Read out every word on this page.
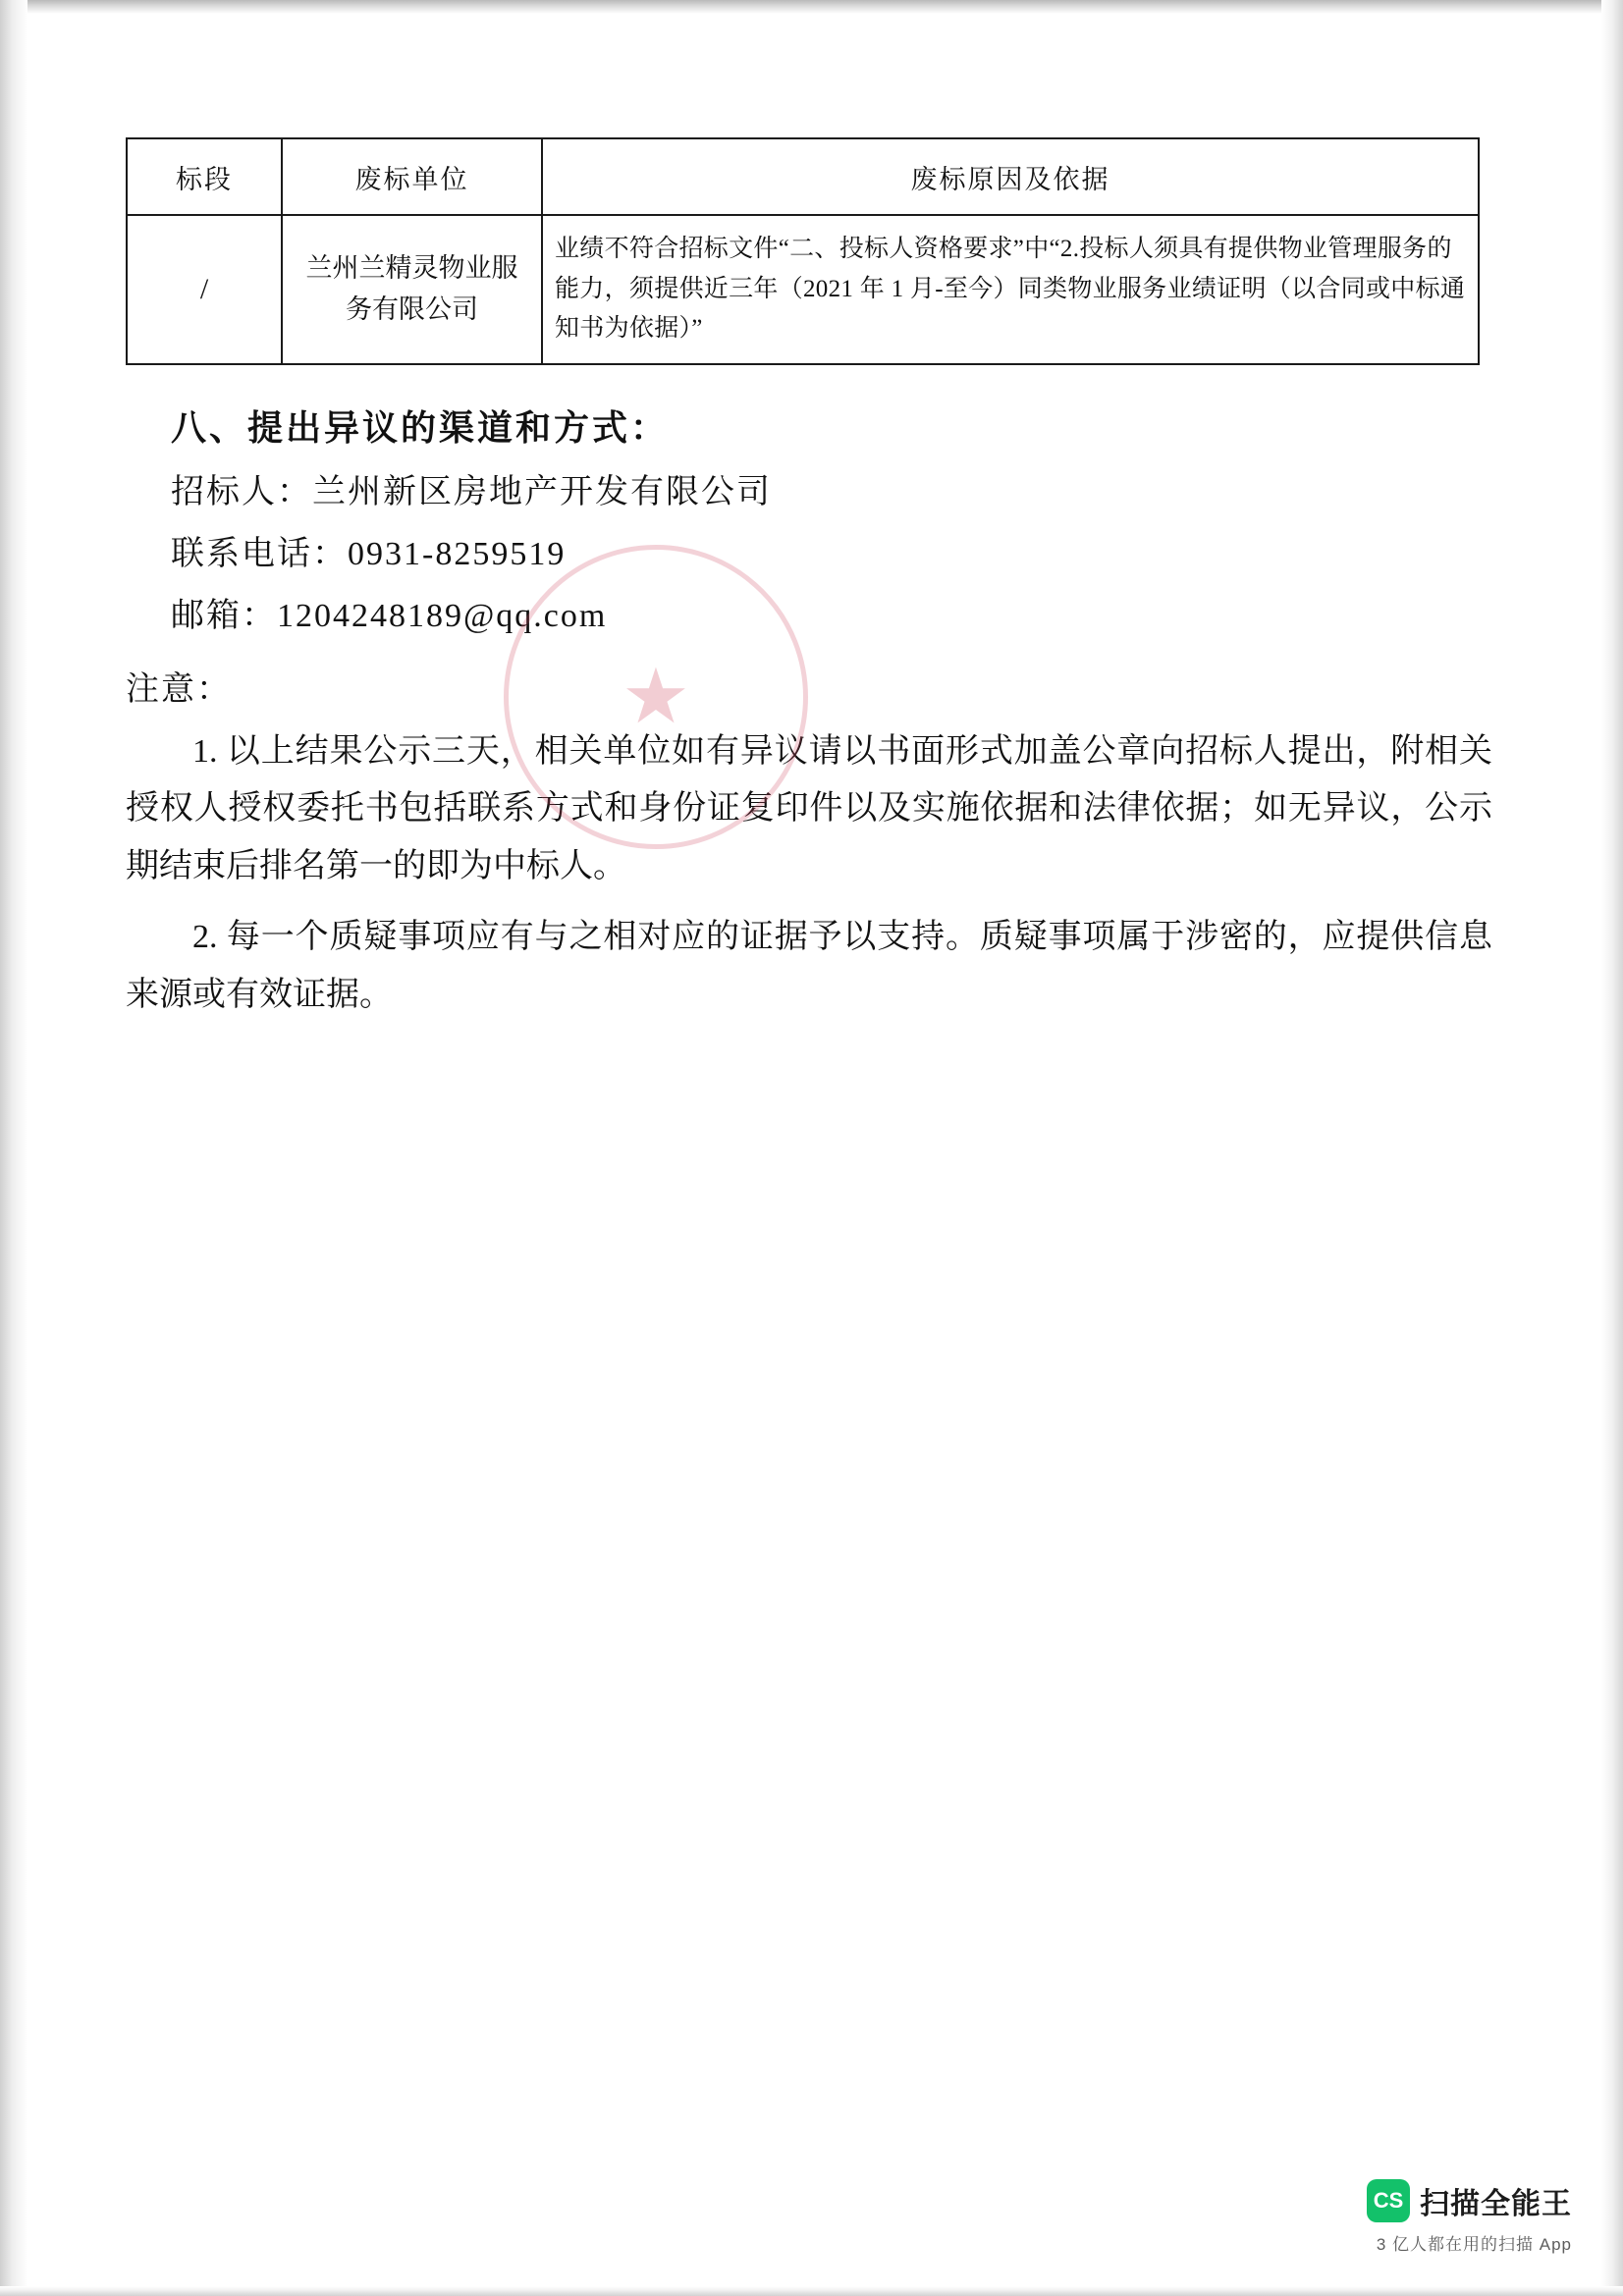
标段	废标单位	废标原因及依据
/	兰州兰精灵物业服务有限公司	业绩不符合招标文件“二、投标人资格要求”中“2.投标人须具有提供物业管理服务的能力，须提供近三年（2021 年 1 月-至今）同类物业服务业绩证明（以合同或中标通知书为依据）”
八、提出异议的渠道和方式：
招标人：兰州新区房地产开发有限公司
联系电话：0931-8259519
邮箱：1204248189@qq.com
注意：
1. 以上结果公示三天，相关单位如有异议请以书面形式加盖公章向招标人提出，附相关授权人授权委托书包括联系方式和身份证复印件以及实施依据和法律依据；如无异议，公示期结束后排名第一的即为中标人。
2. 每一个质疑事项应有与之相对应的证据予以支持。质疑事项属于涉密的，应提供信息来源或有效证据。
★
CS 扫描全能王
3 亿人都在用的扫描 App
